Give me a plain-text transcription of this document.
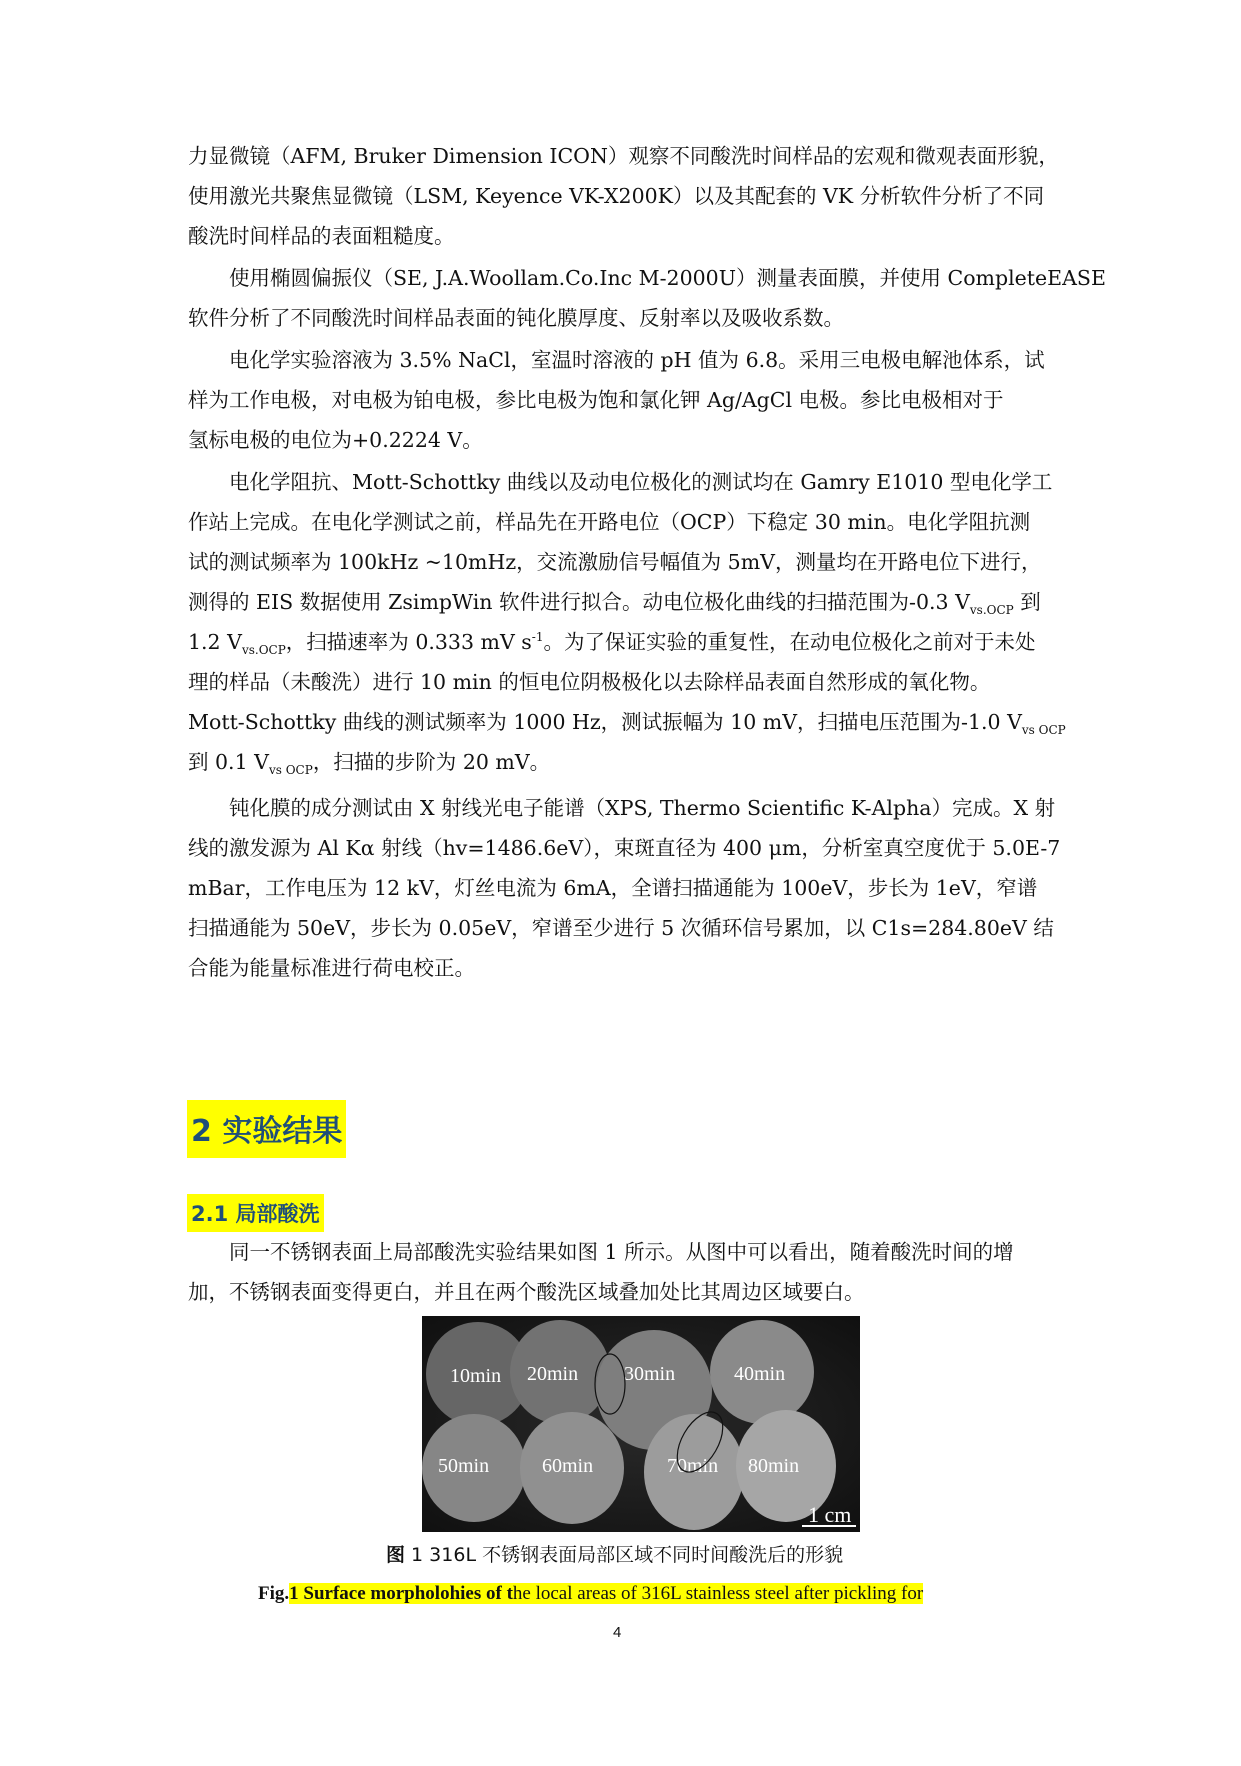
力显微镜（AFM, Bruker Dimension ICON）观察不同酸洗时间样品的宏观和微观表面形貌，
使用激光共聚焦显微镜（LSM, Keyence VK-X200K）以及其配套的 VK 分析软件分析了不同
酸洗时间样品的表面粗糙度。
使用椭圆偏振仪（SE, J.A.Woollam.Co.Inc M-2000U）测量表面膜，并使用 CompleteEASE
软件分析了不同酸洗时间样品表面的钝化膜厚度、反射率以及吸收系数。
电化学实验溶液为 3.5% NaCl，室温时溶液的 pH 值为 6.8。采用三电极电解池体系，试
样为工作电极，对电极为铂电极，参比电极为饱和氯化钾 Ag/AgCl 电极。参比电极相对于
氢标电极的电位为+0.2224 V。
电化学阻抗、Mott-Schottky 曲线以及动电位极化的测试均在 Gamry E1010 型电化学工
作站上完成。在电化学测试之前，样品先在开路电位（OCP）下稳定 30 min。电化学阻抗测
试的测试频率为 100kHz ~10mHz，交流激励信号幅值为 5mV，测量均在开路电位下进行，
测得的 EIS 数据使用 ZsimpWin 软件进行拟合。动电位极化曲线的扫描范围为-0.3 $V_{vs.OCP}$ 到
1.2 $V_{vs.OCP}$，扫描速率为 0.333 mV $s^{-1}$。为了保证实验的重复性，在动电位极化之前对于未处
理的样品（未酸洗）进行 10 min 的恒电位阴极极化以去除样品表面自然形成的氧化物。
Mott-Schottky 曲线的测试频率为 1000 Hz，测试振幅为 10 mV，扫描电压范围为-1.0 $V_{vs OCP}$
到 0.1 $V_{vs OCP}$，扫描的步阶为 20 mV。
钝化膜的成分测试由 X 射线光电子能谱（XPS, Thermo Scientific K-Alpha）完成。X 射
线的激发源为 Al Kα 射线（hv=1486.6eV），束斑直径为 400 μm，分析室真空度优于 5.0E-7
mBar，工作电压为 12 kV，灯丝电流为 6mA，全谱扫描通能为 100eV，步长为 1eV，窄谱
扫描通能为 50eV，步长为 0.05eV，窄谱至少进行 5 次循环信号累加，以 C1s=284.80eV 结
合能为能量标准进行荷电校正。
2 实验结果
2.1 局部酸洗
同一不锈钢表面上局部酸洗实验结果如图 1 所示。从图中可以看出，随着酸洗时间的增
加，不锈钢表面变得更白，并且在两个酸洗区域叠加处比其周边区域要白。
10min 20min 30min	40min
50min	60min	70min 80min
1 cm

图 1 316L 不锈钢表面局部区域不同时间酸洗后的形貌

Fig.1 Surface morpholohies of the local areas of 316L stainless steel after pickling for

4
